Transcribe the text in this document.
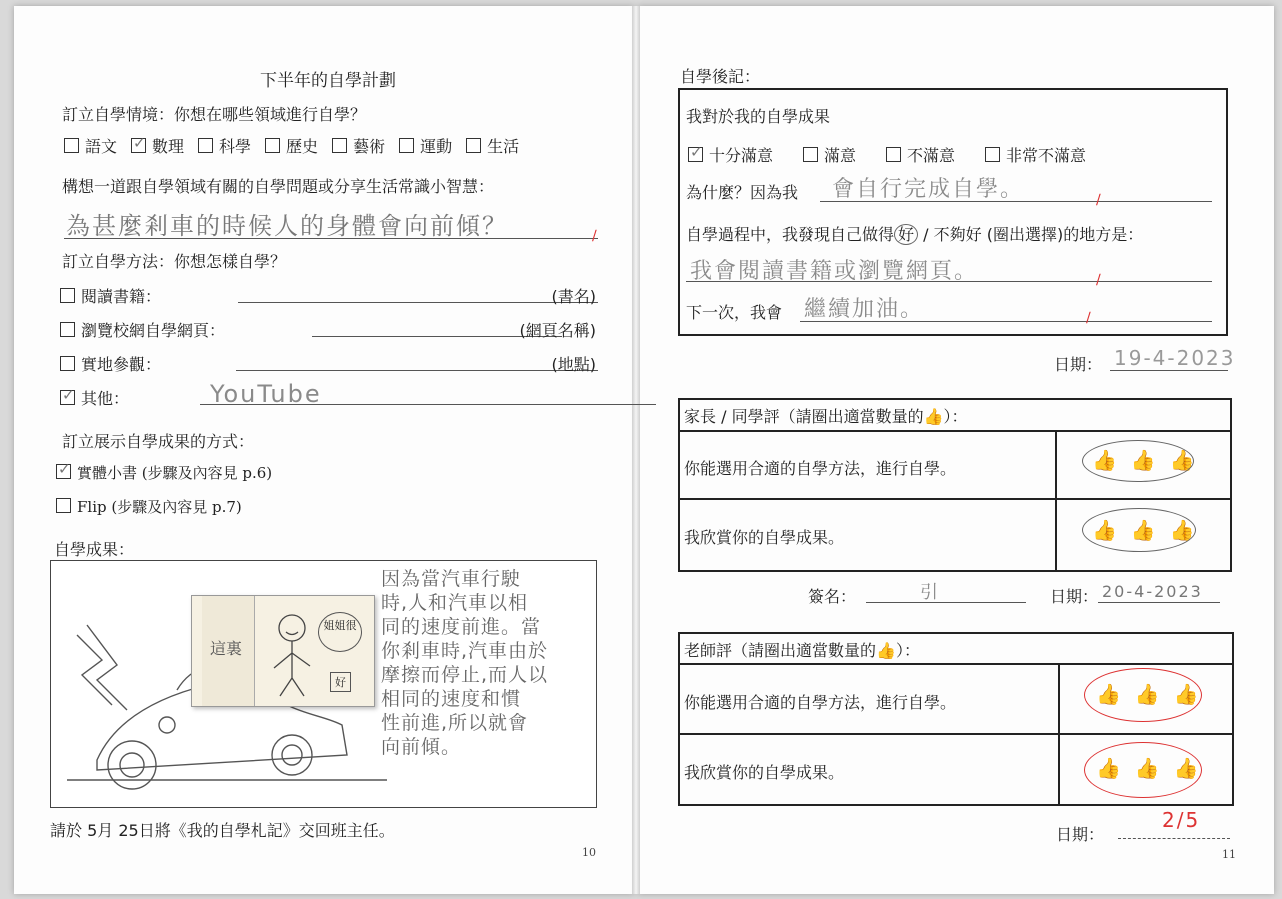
下半年的自學計劃
訂立自學情境：你想在哪些領域進行自學？
語文✓ 數理 科學 歷史 藝術 運動 生活
構想一道跟自學領域有關的自學問題或分享生活常識小智慧：
為甚麼剎車的時候人的身體會向前傾？	∕
訂立自學方法：你想怎樣自學？
閱讀書籍：	(書名)
瀏覽校網自學網頁：	(網頁名稱)
實地參觀：	(地點)
✓其他：	YouTube
訂立展示自學成果的方式：
✓實體小書 (步驟及內容見 p.6)
Flip (步驟及內容見 p.7)
自學成果：
這裏
姐姐很
好
因為當汽車行駛
時,人和汽車以相
同的速度前進。當
你剎車時,汽車由於
摩擦而停止,而人以
相同的速度和慣
性前進,所以就會
向前傾。
請於 5月 25日將《我的自學札記》交回班主任。
10
自學後記：
我對於我的自學成果
✓十分滿意	滿意	不滿意	非常不滿意
為什麼？因為我 會自行完成自學。	∕
自學過程中，我發現自己做得 好 / 不夠好 (圈出選擇)的地方是：
我會閱讀書籍或瀏覽網頁。	∕
下一次，我會 繼續加油。	∕
日期： 19-4-2023
家長 / 同學評（請圈出適當數量的👍）：
你能選用合適的自學方法，進行自學。
我欣賞你的自學成果。
👍👍👍
👍👍👍
簽名：	引	日期： 20-4-2023
老師評（請圈出適當數量的👍）：
你能選用合適的自學方法，進行自學。
我欣賞你的自學成果。
👍👍👍
👍👍👍
日期：
2/5
11
